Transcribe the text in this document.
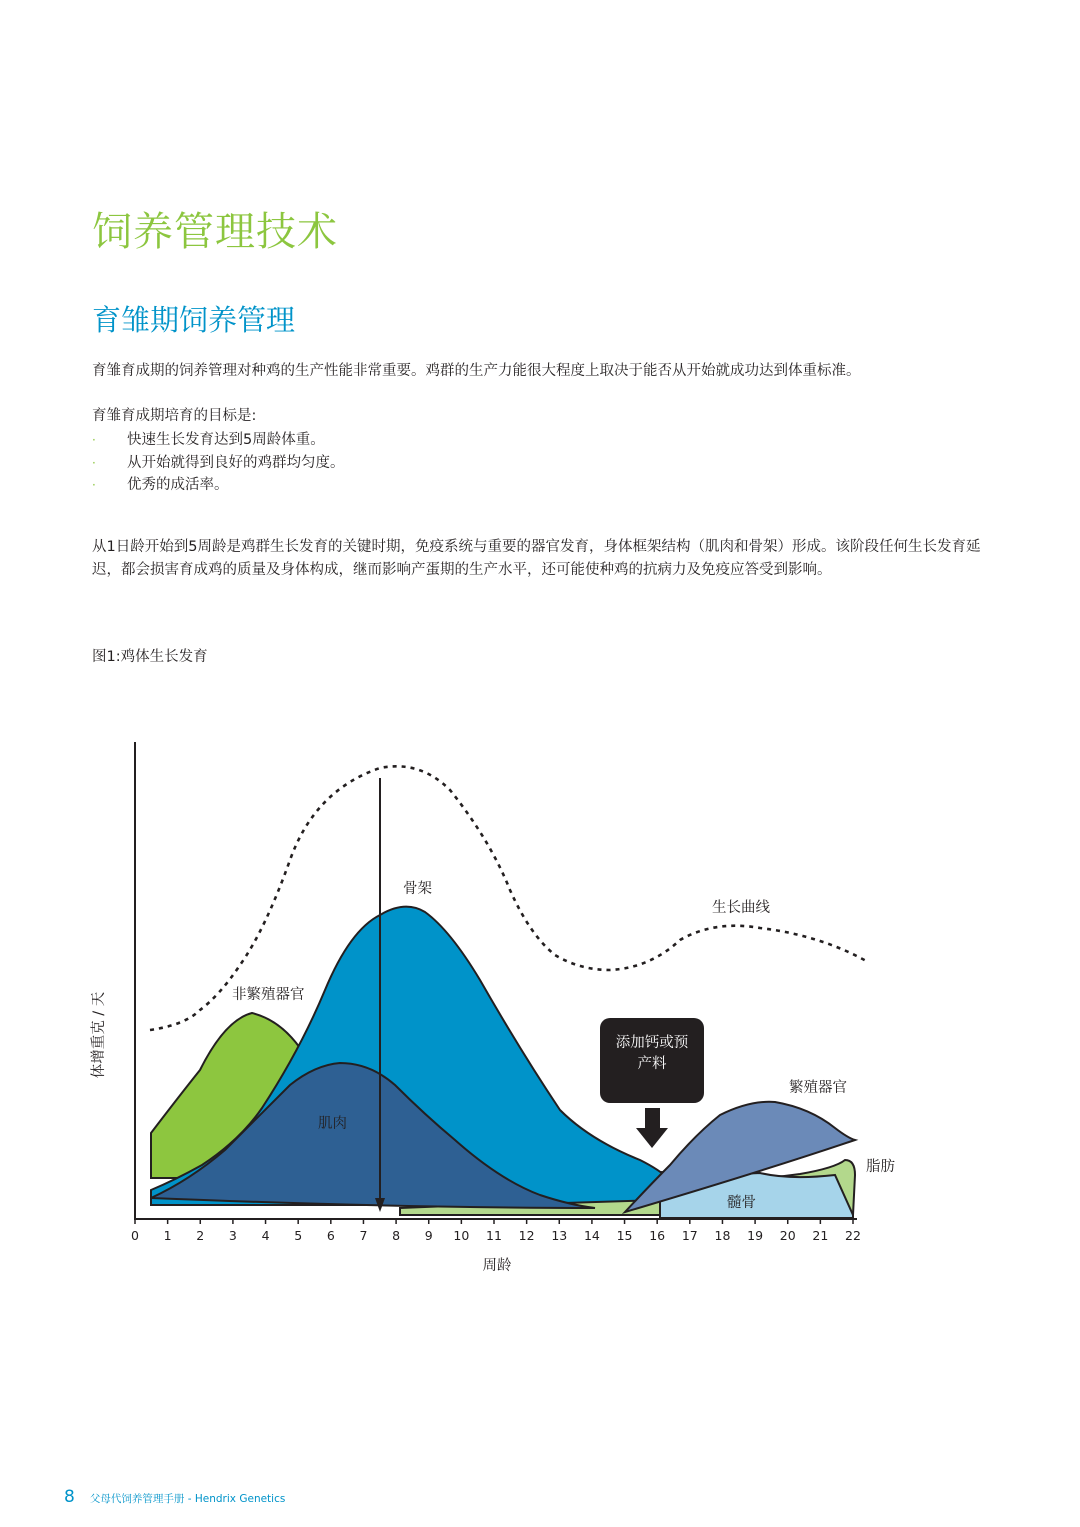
饲养管理技术
育雏期饲养管理
育雏育成期的饲养管理对种鸡的生产性能非常重要。鸡群的生产力能很大程度上取决于能否从开始就成功达到体重标准。
育雏育成期培育的目标是:
· 快速生长发育达到5周龄体重。
· 从开始就得到良好的鸡群均匀度。
· 优秀的成活率。
从1日龄开始到5周龄是鸡群生长发育的关键时期，免疫系统与重要的器官发育，身体框架结构（肌肉和骨架）形成。该阶段任何生长发育延迟，都会损害育成鸡的质量及身体构成，继而影响产蛋期的生产水平，还可能使种鸡的抗病力及免疫应答受到影响。
图1:鸡体生长发育
0 1 2 3 4 5 6 7 8 9 10 11 12 13 14 15 16 17 18 19 20 21 22
添加钙或预
产料
骨架
生长曲线
非繁殖器官
肌肉
繁殖器官
脂肪
髓骨
周龄
体增重克 / 天
8 父母代饲养管理手册 - Hendrix Genetics
